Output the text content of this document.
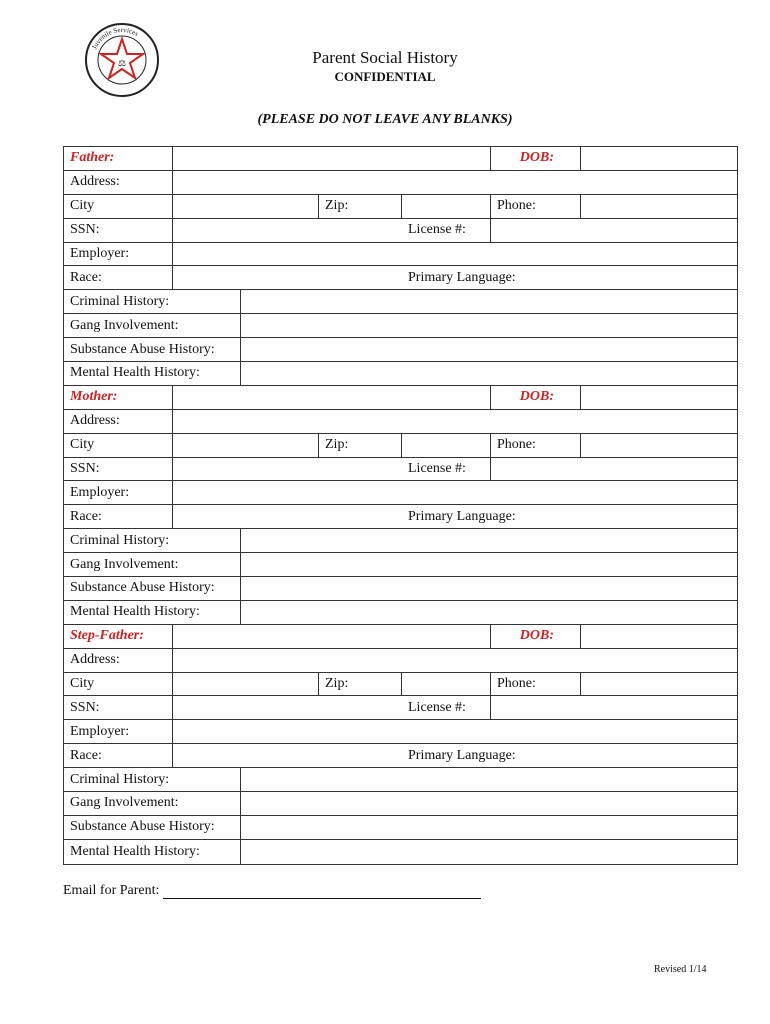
⚖
Juvenile Services
Parent Social History
CONFIDENTIAL
(PLEASE DO NOT LEAVE ANY BLANKS)
Father:	DOB:
Address:
City	Zip:	Phone:
SSN:	License #:
Employer:
Race:	Primary Language:
Criminal History:
Gang Involvement:
Substance Abuse History:
Mental Health History:
Mother:	DOB:
Address:
City	Zip:	Phone:
SSN:	License #:
Employer:
Race:	Primary Language:
Criminal History:
Gang Involvement:
Substance Abuse History:
Mental Health History:
Step-Father:	DOB:
Address:
City	Zip:	Phone:
SSN:	License #:
Employer:
Race:	Primary Language:
Criminal History:
Gang Involvement:
Substance Abuse History:
Mental Health History:
Email for Parent:
Revised 1/14
